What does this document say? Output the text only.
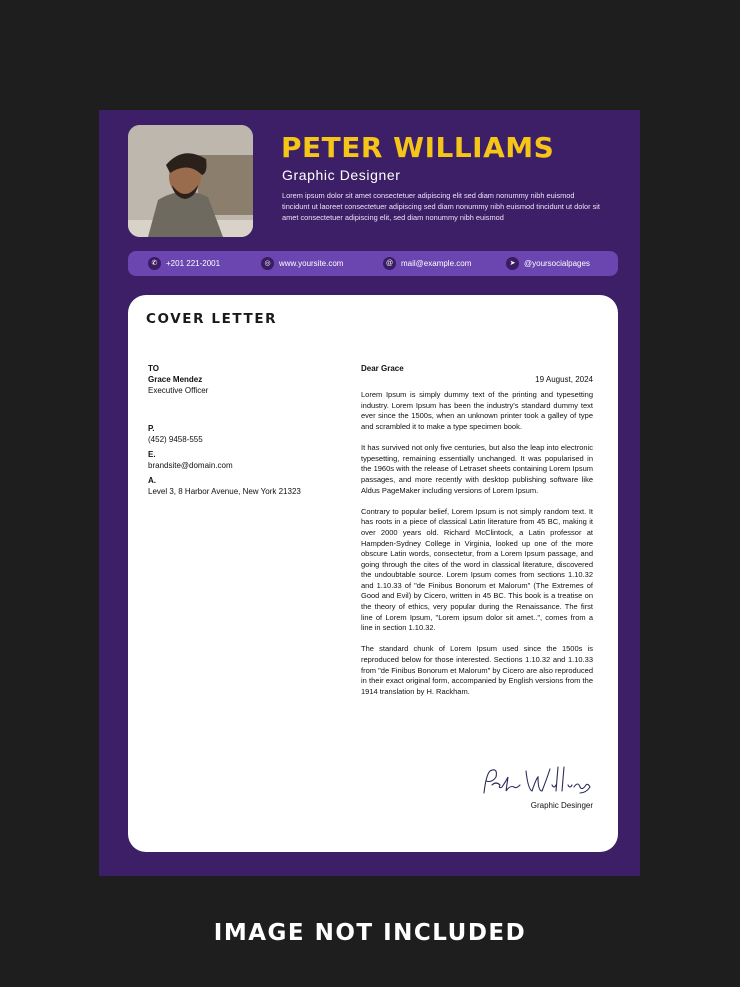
PETER WILLIAMS
Graphic Designer
Lorem ipsum dolor sit amet consectetuer adipiscing elit sed diam nonummy nibh euismod tincidunt ut laoreet consectetuer adipiscing sed diam nonummy nibh euismod tincidunt ut dolor sit amet consectetuer adipiscing elit, sed diam nonummy nibh euismod
✆	+201 221-2001	◎	www.yoursite.com	@ mail@example.com	➤	@yoursocialpages
COVER LETTER
TO
Grace Mendez
Executive Officer
P.
(452) 9458-555
E.
brandsite@domain.com
A.
Level 3, 8 Harbor Avenue, New York 21323
Dear Grace
19 August, 2024

Lorem Ipsum is simply dummy text of the printing and typesetting industry. Lorem Ipsum has been the industry's standard dummy text ever since the 1500s, when an unknown printer took a galley of type and scrambled it to make a type specimen book.

It has survived not only five centuries, but also the leap into electronic typesetting, remaining essentially unchanged. It was popularised in the 1960s with the release of Letraset sheets containing Lorem Ipsum passages, and more recently with desktop publishing software like Aldus PageMaker including versions of Lorem Ipsum.

Contrary to popular belief, Lorem Ipsum is not simply random text. It has roots in a piece of classical Latin literature from 45 BC, making it over 2000 years old. Richard McClintock, a Latin professor at Hampden-Sydney College in Virginia, looked up one of the more obscure Latin words, consectetur, from a Lorem Ipsum passage, and going through the cites of the word in classical literature, discovered the undoubtable source. Lorem Ipsum comes from sections 1.10.32 and 1.10.33 of "de Finibus Bonorum et Malorum" (The Extremes of Good and Evil) by Cicero, written in 45 BC. This book is a treatise on the theory of ethics, very popular during the Renaissance. The first line of Lorem Ipsum, "Lorem ipsum dolor sit amet..", comes from a line in section 1.10.32.

The standard chunk of Lorem Ipsum used since the 1500s is reproduced below for those interested. Sections 1.10.32 and 1.10.33 from "de Finibus Bonorum et Malorum" by Cicero are also reproduced in their exact original form, accompanied by English versions from the 1914 translation by H. Rackham.

Graphic Desinger
IMAGE NOT INCLUDED
